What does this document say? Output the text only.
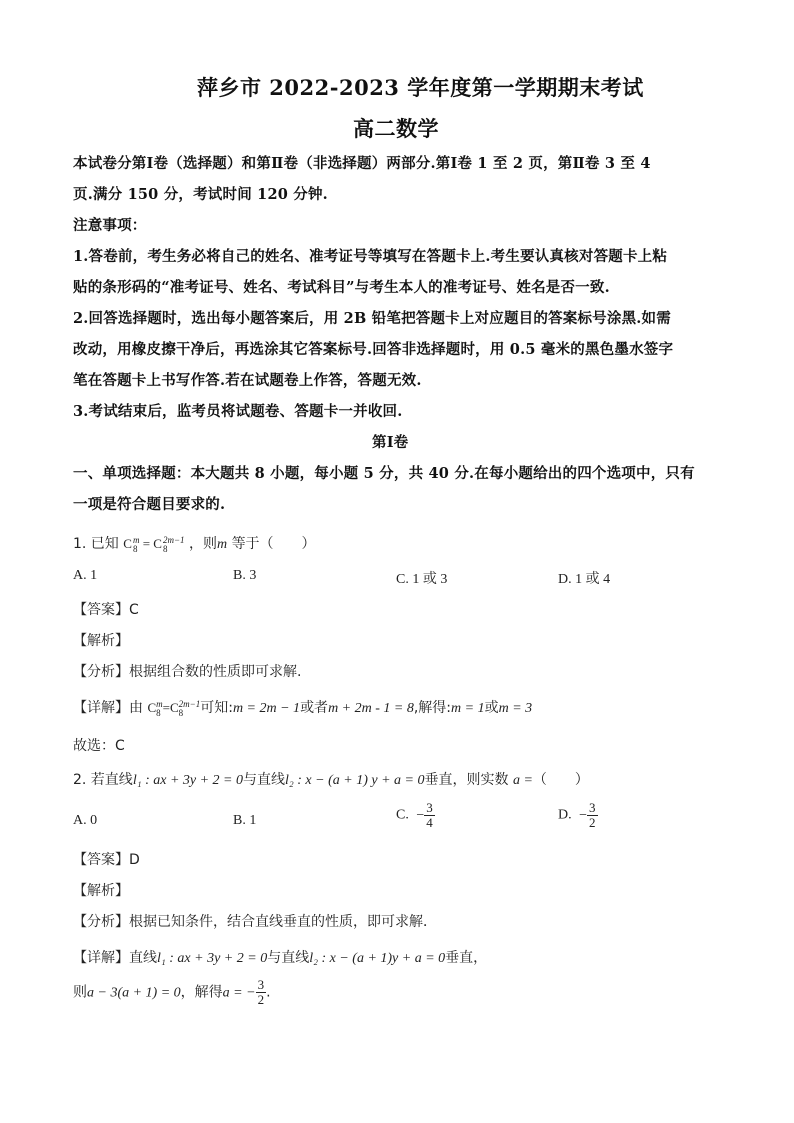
萍乡市 2022-2023 学年度第一学期期末考试
高二数学
本试卷分第Ⅰ卷（选择题）和第Ⅱ卷（非选择题）两部分.第Ⅰ卷 1 至 2 页，第Ⅱ卷 3 至 4
页.满分 150 分，考试时间 120 分钟.
注意事项：
1.答卷前，考生务必将自己的姓名、准考证号等填写在答题卡上.考生要认真核对答题卡上粘
贴的条形码的“准考证号、姓名、考试科目”与考生本人的准考证号、姓名是否一致.
2.回答选择题时，选出每小题答案后，用 2B 铅笔把答题卡上对应题目的答案标号涂黑.如需
改动，用橡皮擦干净后，再选涂其它答案标号.回答非选择题时，用 0.5 毫米的黑色墨水签字
笔在答题卡上书写作答.若在试题卷上作答，答题无效.
3.考试结束后，监考员将试题卷、答题卡一并收回.
第Ⅰ卷
一、单项选择题：本大题共 8 小题，每小题 5 分，共 40 分.在每小题给出的四个选项中，只有
一项是符合题目要求的.
1. 已知 C m
8 = C 2m−1
8	，则m 等于（　　）
A. 1	B. 3	C. 1 或 3	D. 1 或 4
【答案】C
【解析】
【分析】根据组合数的性质即可求解.
【详解】由 C m
8 =C 2m−1
8	可知:m = 2m − 1或者m + 2m - 1 = 8,解得:m = 1或m = 3
故选：C
2. 若直线l₁ : ax + 3y + 2 = 0与直线l₂ : x − (a + 1) y + a = 0垂直，则实数 a =（　　）
A. 0	B. 1	C. − $\frac{3}{4}$	D. − $\frac{3}{2}$
【答案】D
【解析】
【分析】根据已知条件，结合直线垂直的性质，即可求解．
【详解】直线l₁ : ax + 3y + 2 = 0与直线l₂ : x − (a + 1)y + a = 0垂直，
则a − 3(a + 1) = 0，解得a = − $\frac{3}{2}$ .
